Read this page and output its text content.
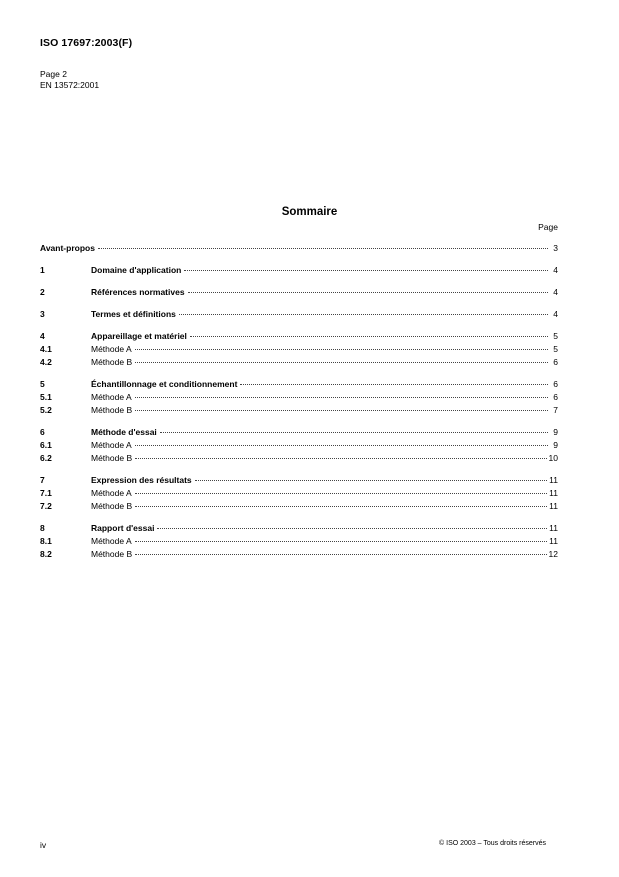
ISO 17697:2003(F)
Page 2
EN 13572:2001
Sommaire
Page
Avant-propos	3
1	Domaine d'application	4
2	Références normatives	4
3	Termes et définitions	4
4	Appareillage et matériel	5
4.1	Méthode A	5
4.2	Méthode B	6
5	Échantillonnage et conditionnement	6
5.1	Méthode A	6
5.2	Méthode B	7
6	Méthode d'essai	9
6.1	Méthode A	9
6.2	Méthode B	10
7	Expression des résultats	11
7.1	Méthode A	11
7.2	Méthode B	11
8	Rapport d'essai	11
8.1	Méthode A	11
8.2	Méthode B	12
iv	© ISO 2003 – Tous droits réservés
